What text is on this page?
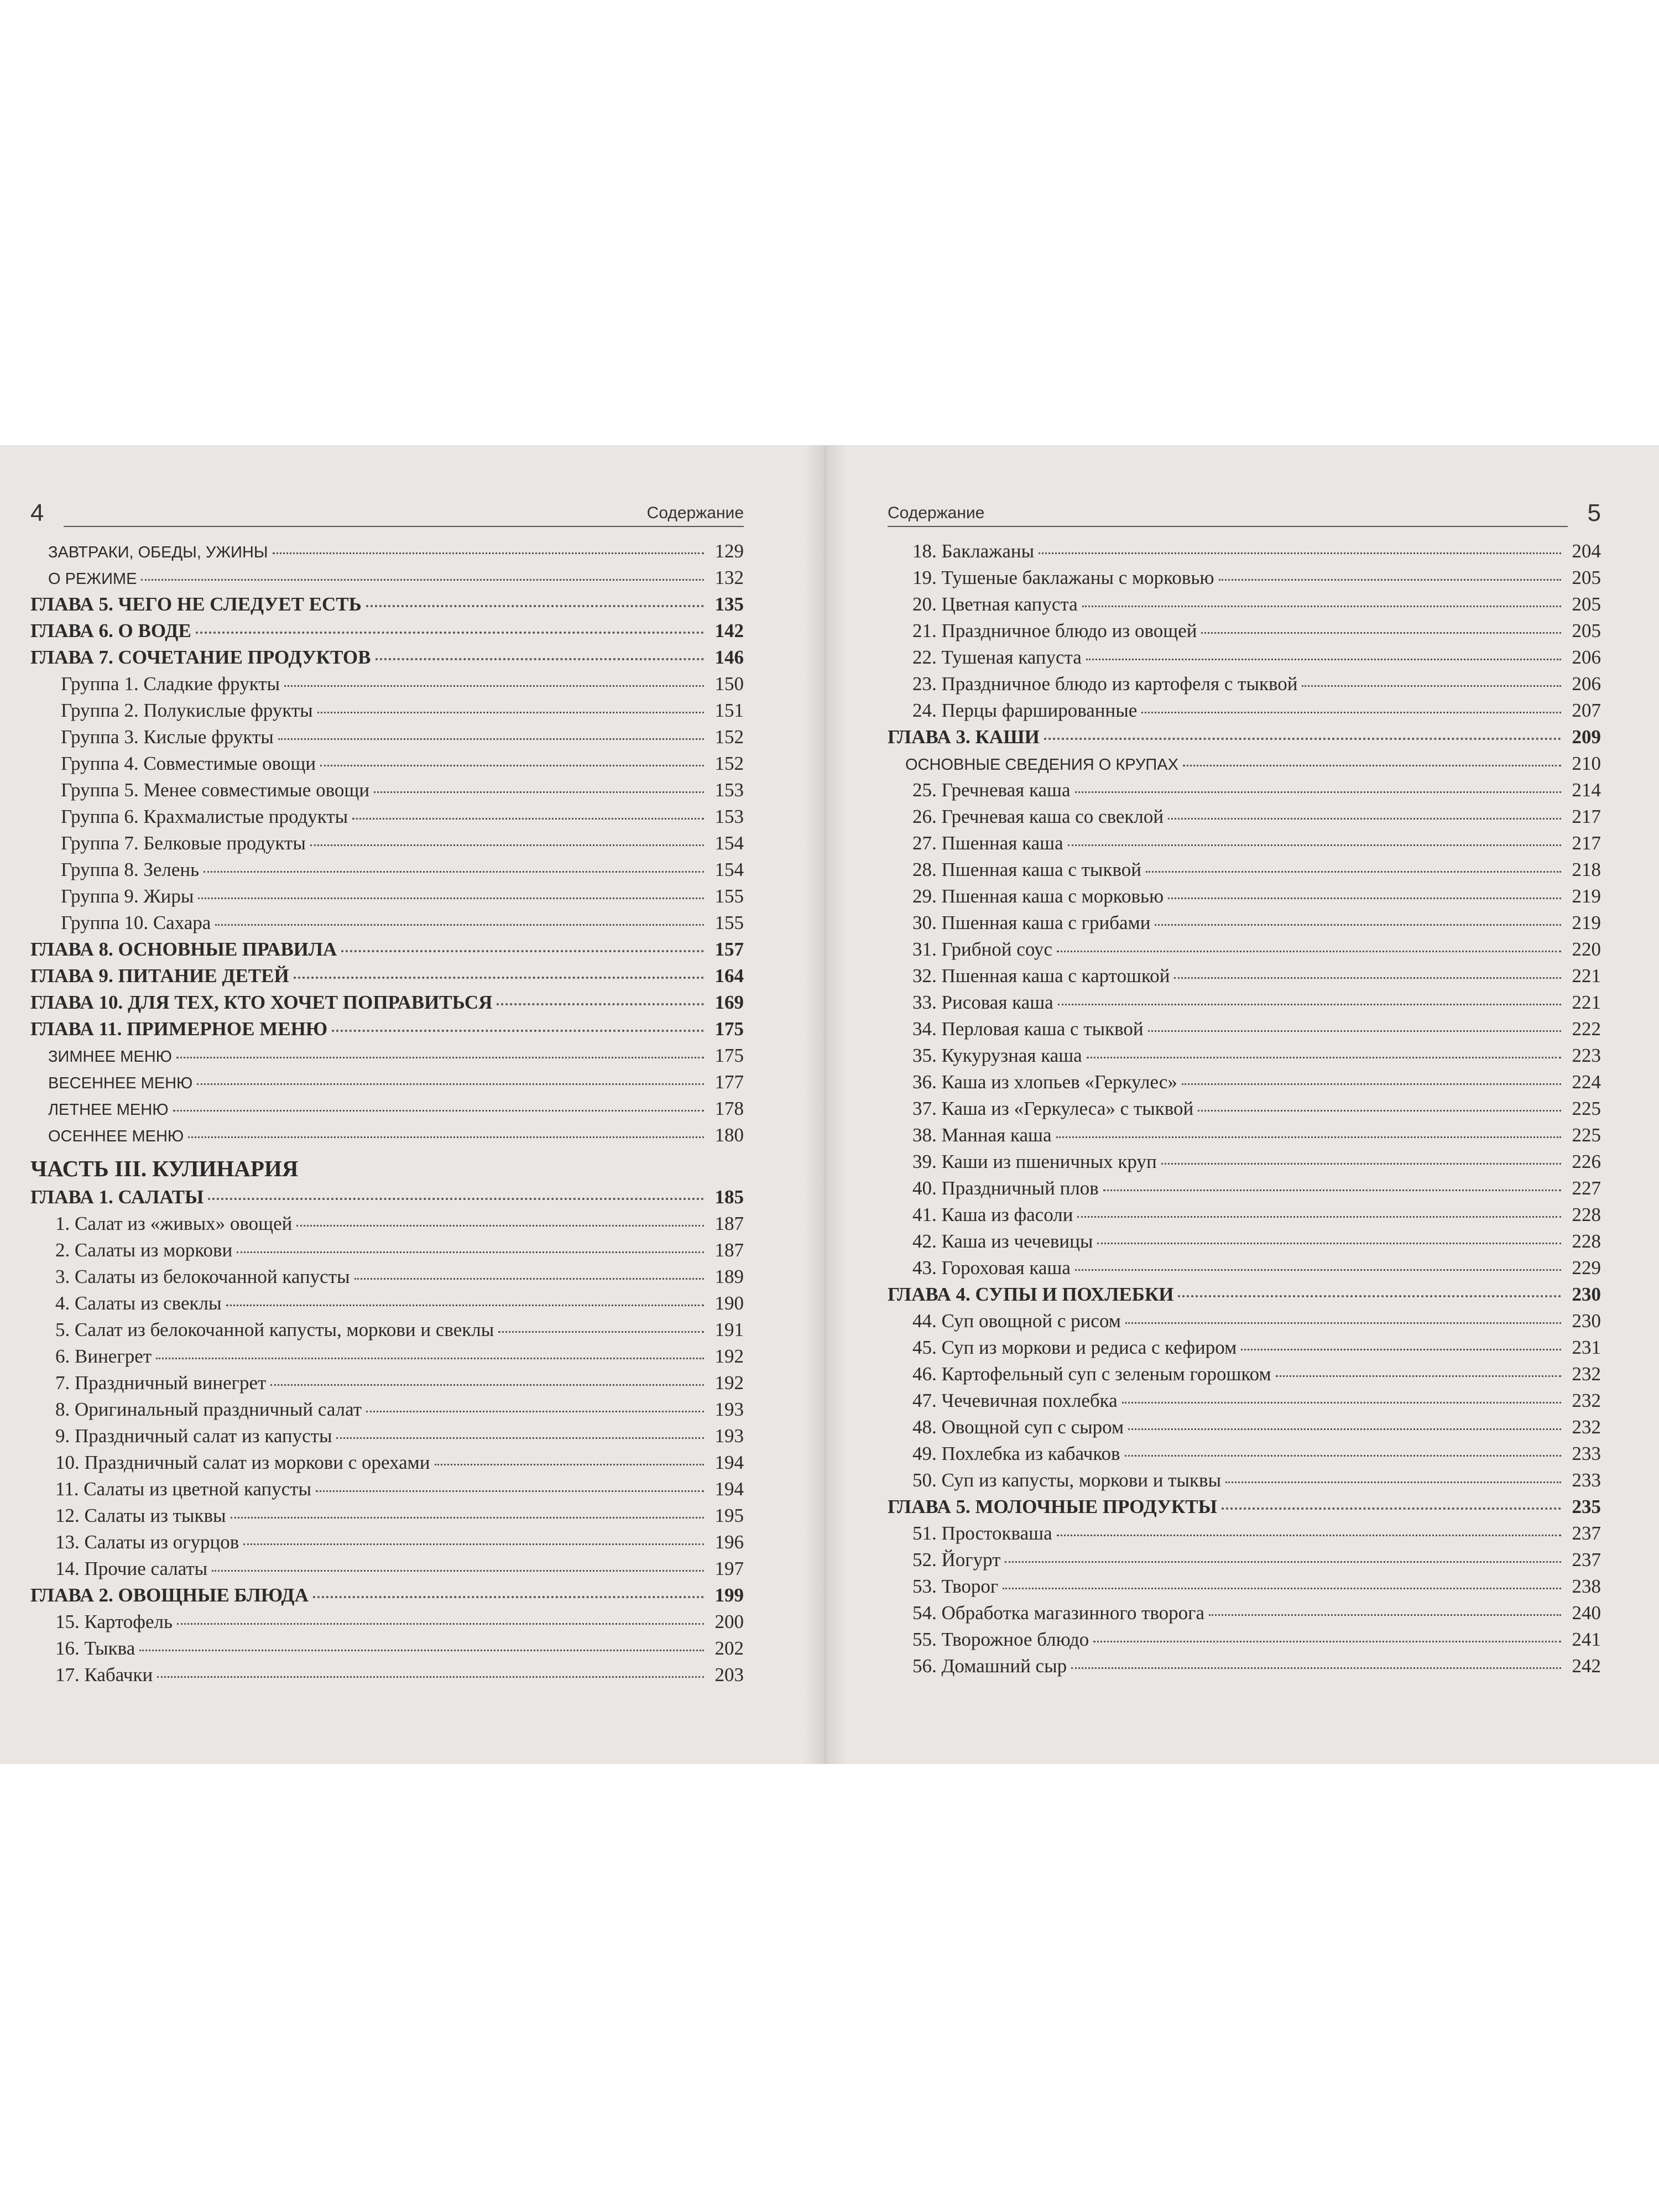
4	Содержание
ЗАВТРАКИ, ОБЕДЫ, УЖИНЫ	129
О РЕЖИМЕ	132
ГЛАВА 5. ЧЕГО НЕ СЛЕДУЕТ ЕСТЬ	135
ГЛАВА 6. О ВОДЕ	142
ГЛАВА 7. СОЧЕТАНИЕ ПРОДУКТОВ	146
Группа 1. Сладкие фрукты	150
Группа 2. Полукислые фрукты	151
Группа 3. Кислые фрукты	152
Группа 4. Совместимые овощи	152
Группа 5. Менее совместимые овощи	153
Группа 6. Крахмалистые продукты	153
Группа 7. Белковые продукты	154
Группа 8. Зелень	154
Группа 9. Жиры	155
Группа 10. Сахара	155
ГЛАВА 8. ОСНОВНЫЕ ПРАВИЛА	157
ГЛАВА 9. ПИТАНИЕ ДЕТЕЙ	164
ГЛАВА 10. ДЛЯ ТЕХ, КТО ХОЧЕТ ПОПРАВИТЬСЯ	169
ГЛАВА 11. ПРИМЕРНОЕ МЕНЮ	175
ЗИМНЕЕ МЕНЮ	175
ВЕСЕННЕЕ МЕНЮ	177
ЛЕТНЕЕ МЕНЮ	178
ОСЕННЕЕ МЕНЮ	180
ЧАСТЬ III. КУЛИНАРИЯ
ГЛАВА 1. САЛАТЫ	185
1. Салат из «живых» овощей	187
2. Салаты из моркови	187
3. Салаты из белокочанной капусты	189
4. Салаты из свеклы	190
5. Салат из белокочанной капусты, моркови и свеклы	191
6. Винегрет	192
7. Праздничный винегрет	192
8. Оригинальный праздничный салат	193
9. Праздничный салат из капусты	193
10. Праздничный салат из моркови с орехами	194
11. Салаты из цветной капусты	194
12. Салаты из тыквы	195
13. Салаты из огурцов	196
14. Прочие салаты	197
ГЛАВА 2. ОВОЩНЫЕ БЛЮДА	199
15. Картофель	200
16. Тыква	202
17. Кабачки	203
Содержание	5
18. Баклажаны	204
19. Тушеные баклажаны с морковью	205
20. Цветная капуста	205
21. Праздничное блюдо из овощей	205
22. Тушеная капуста	206
23. Праздничное блюдо из картофеля с тыквой	206
24. Перцы фаршированные	207
ГЛАВА 3. КАШИ	209
ОСНОВНЫЕ СВЕДЕНИЯ О КРУПАХ	210
25. Гречневая каша	214
26. Гречневая каша со свеклой	217
27. Пшенная каша	217
28. Пшенная каша с тыквой	218
29. Пшенная каша с морковью	219
30. Пшенная каша с грибами	219
31. Грибной соус	220
32. Пшенная каша с картошкой	221
33. Рисовая каша	221
34. Перловая каша с тыквой	222
35. Кукурузная каша	223
36. Каша из хлопьев «Геркулес»	224
37. Каша из «Геркулеса» с тыквой	225
38. Манная каша	225
39. Каши из пшеничных круп	226
40. Праздничный плов	227
41. Каша из фасоли	228
42. Каша из чечевицы	228
43. Гороховая каша	229
ГЛАВА 4. СУПЫ И ПОХЛЕБКИ	230
44. Суп овощной с рисом	230
45. Суп из моркови и редиса с кефиром	231
46. Картофельный суп с зеленым горошком	232
47. Чечевичная похлебка	232
48. Овощной суп с сыром	232
49. Похлебка из кабачков	233
50. Суп из капусты, моркови и тыквы	233
ГЛАВА 5. МОЛОЧНЫЕ ПРОДУКТЫ	235
51. Простокваша	237
52. Йогурт	237
53. Творог	238
54. Обработка магазинного творога	240
55. Творожное блюдо	241
56. Домашний сыр	242
